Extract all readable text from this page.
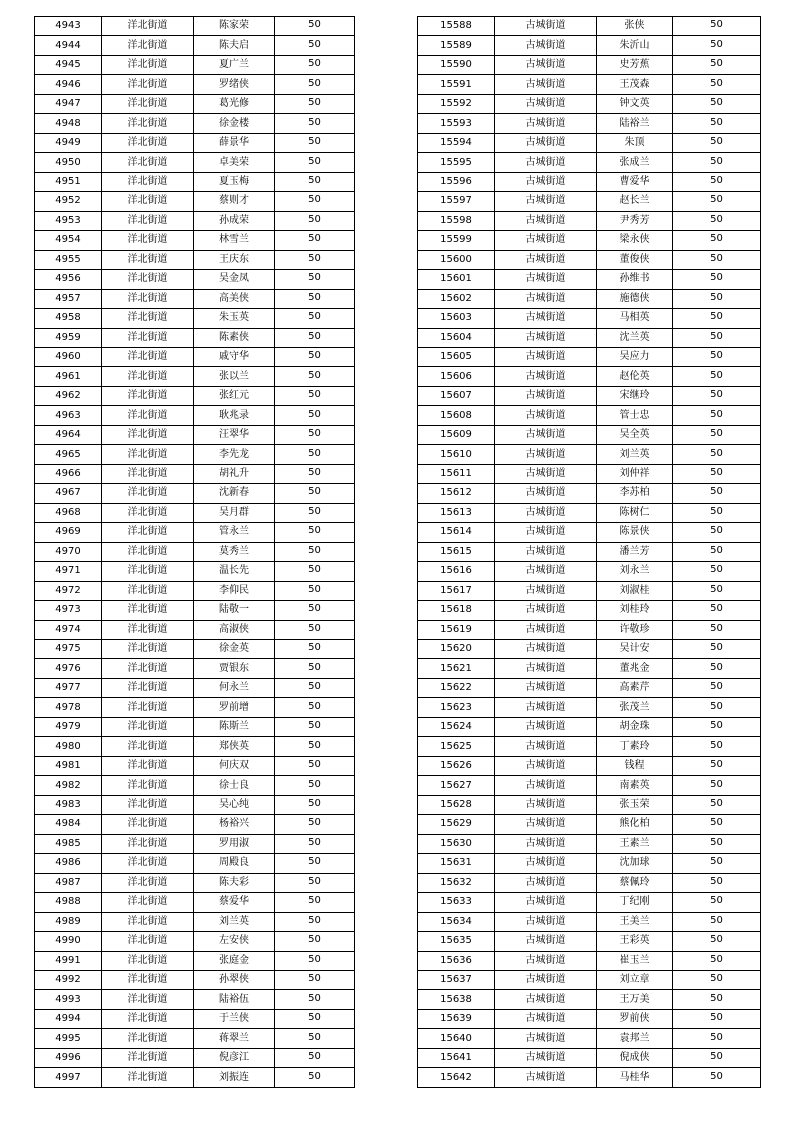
4943	洋北街道	陈家荣	50
4944	洋北街道	陈夫启	50
4945	洋北街道	夏广兰	50
4946	洋北街道	罗绪侠	50
4947	洋北街道	葛光修	50
4948	洋北街道	徐金楼	50
4949	洋北街道	薛景华	50
4950	洋北街道	卓美荣	50
4951	洋北街道	夏玉梅	50
4952	洋北街道	蔡则才	50
4953	洋北街道	孙成荣	50
4954	洋北街道	林雪兰	50
4955	洋北街道	王庆东	50
4956	洋北街道	吴金凤	50
4957	洋北街道	高美侠	50
4958	洋北街道	朱玉英	50
4959	洋北街道	陈素侠	50
4960	洋北街道	戚守华	50
4961	洋北街道	张以兰	50
4962	洋北街道	张红元	50
4963	洋北街道	耿兆录	50
4964	洋北街道	汪翠华	50
4965	洋北街道	李先龙	50
4966	洋北街道	胡礼升	50
4967	洋北街道	沈新春	50
4968	洋北街道	吴月群	50
4969	洋北街道	管永兰	50
4970	洋北街道	莫秀兰	50
4971	洋北街道	温长先	50
4972	洋北街道	李仰民	50
4973	洋北街道	陆敬一	50
4974	洋北街道	高淑侠	50
4975	洋北街道	徐金英	50
4976	洋北街道	贾银东	50
4977	洋北街道	何永兰	50
4978	洋北街道	罗前增	50
4979	洋北街道	陈斯兰	50
4980	洋北街道	郑侠英	50
4981	洋北街道	何庆双	50
4982	洋北街道	徐士良	50
4983	洋北街道	吴心纯	50
4984	洋北街道	杨裕兴	50
4985	洋北街道	罗用淑	50
4986	洋北街道	周殿良	50
4987	洋北街道	陈夫彩	50
4988	洋北街道	蔡爱华	50
4989	洋北街道	刘兰英	50
4990	洋北街道	左安侠	50
4991	洋北街道	张庭金	50
4992	洋北街道	孙翠侠	50
4993	洋北街道	陆裕伍	50
4994	洋北街道	于兰侠	50
4995	洋北街道	蒋翠兰	50
4996	洋北街道	倪彦江	50
4997	洋北街道	刘振连	50
15588	古城街道	张侠	50
15589	古城街道	朱沂山	50
15590	古城街道	史芳蕉	50
15591	古城街道	王茂森	50
15592	古城街道	钟文英	50
15593	古城街道	陆裕兰	50
15594	古城街道	朱顶	50
15595	古城街道	张成兰	50
15596	古城街道	曹爱华	50
15597	古城街道	赵长兰	50
15598	古城街道	尹秀芳	50
15599	古城街道	梁永侠	50
15600	古城街道	董俊侠	50
15601	古城街道	孙维书	50
15602	古城街道	施德侠	50
15603	古城街道	马相英	50
15604	古城街道	沈兰英	50
15605	古城街道	吴应力	50
15606	古城街道	赵伦英	50
15607	古城街道	宋继玲	50
15608	古城街道	管士忠	50
15609	古城街道	吴全英	50
15610	古城街道	刘兰英	50
15611	古城街道	刘仲祥	50
15612	古城街道	李苏柏	50
15613	古城街道	陈树仁	50
15614	古城街道	陈景侠	50
15615	古城街道	潘兰芳	50
15616	古城街道	刘永兰	50
15617	古城街道	刘淑桂	50
15618	古城街道	刘桂玲	50
15619	古城街道	许敬珍	50
15620	古城街道	吴计安	50
15621	古城街道	董兆金	50
15622	古城街道	高素芹	50
15623	古城街道	张茂兰	50
15624	古城街道	胡金珠	50
15625	古城街道	丁素玲	50
15626	古城街道	钱程	50
15627	古城街道	南素英	50
15628	古城街道	张玉荣	50
15629	古城街道	熊化柏	50
15630	古城街道	王素兰	50
15631	古城街道	沈加球	50
15632	古城街道	蔡佩玲	50
15633	古城街道	丁纪刚	50
15634	古城街道	王美兰	50
15635	古城街道	王彩英	50
15636	古城街道	崔玉兰	50
15637	古城街道	刘立章	50
15638	古城街道	王万美	50
15639	古城街道	罗前侠	50
15640	古城街道	袁邦兰	50
15641	古城街道	倪成侠	50
15642	古城街道	马桂华	50
